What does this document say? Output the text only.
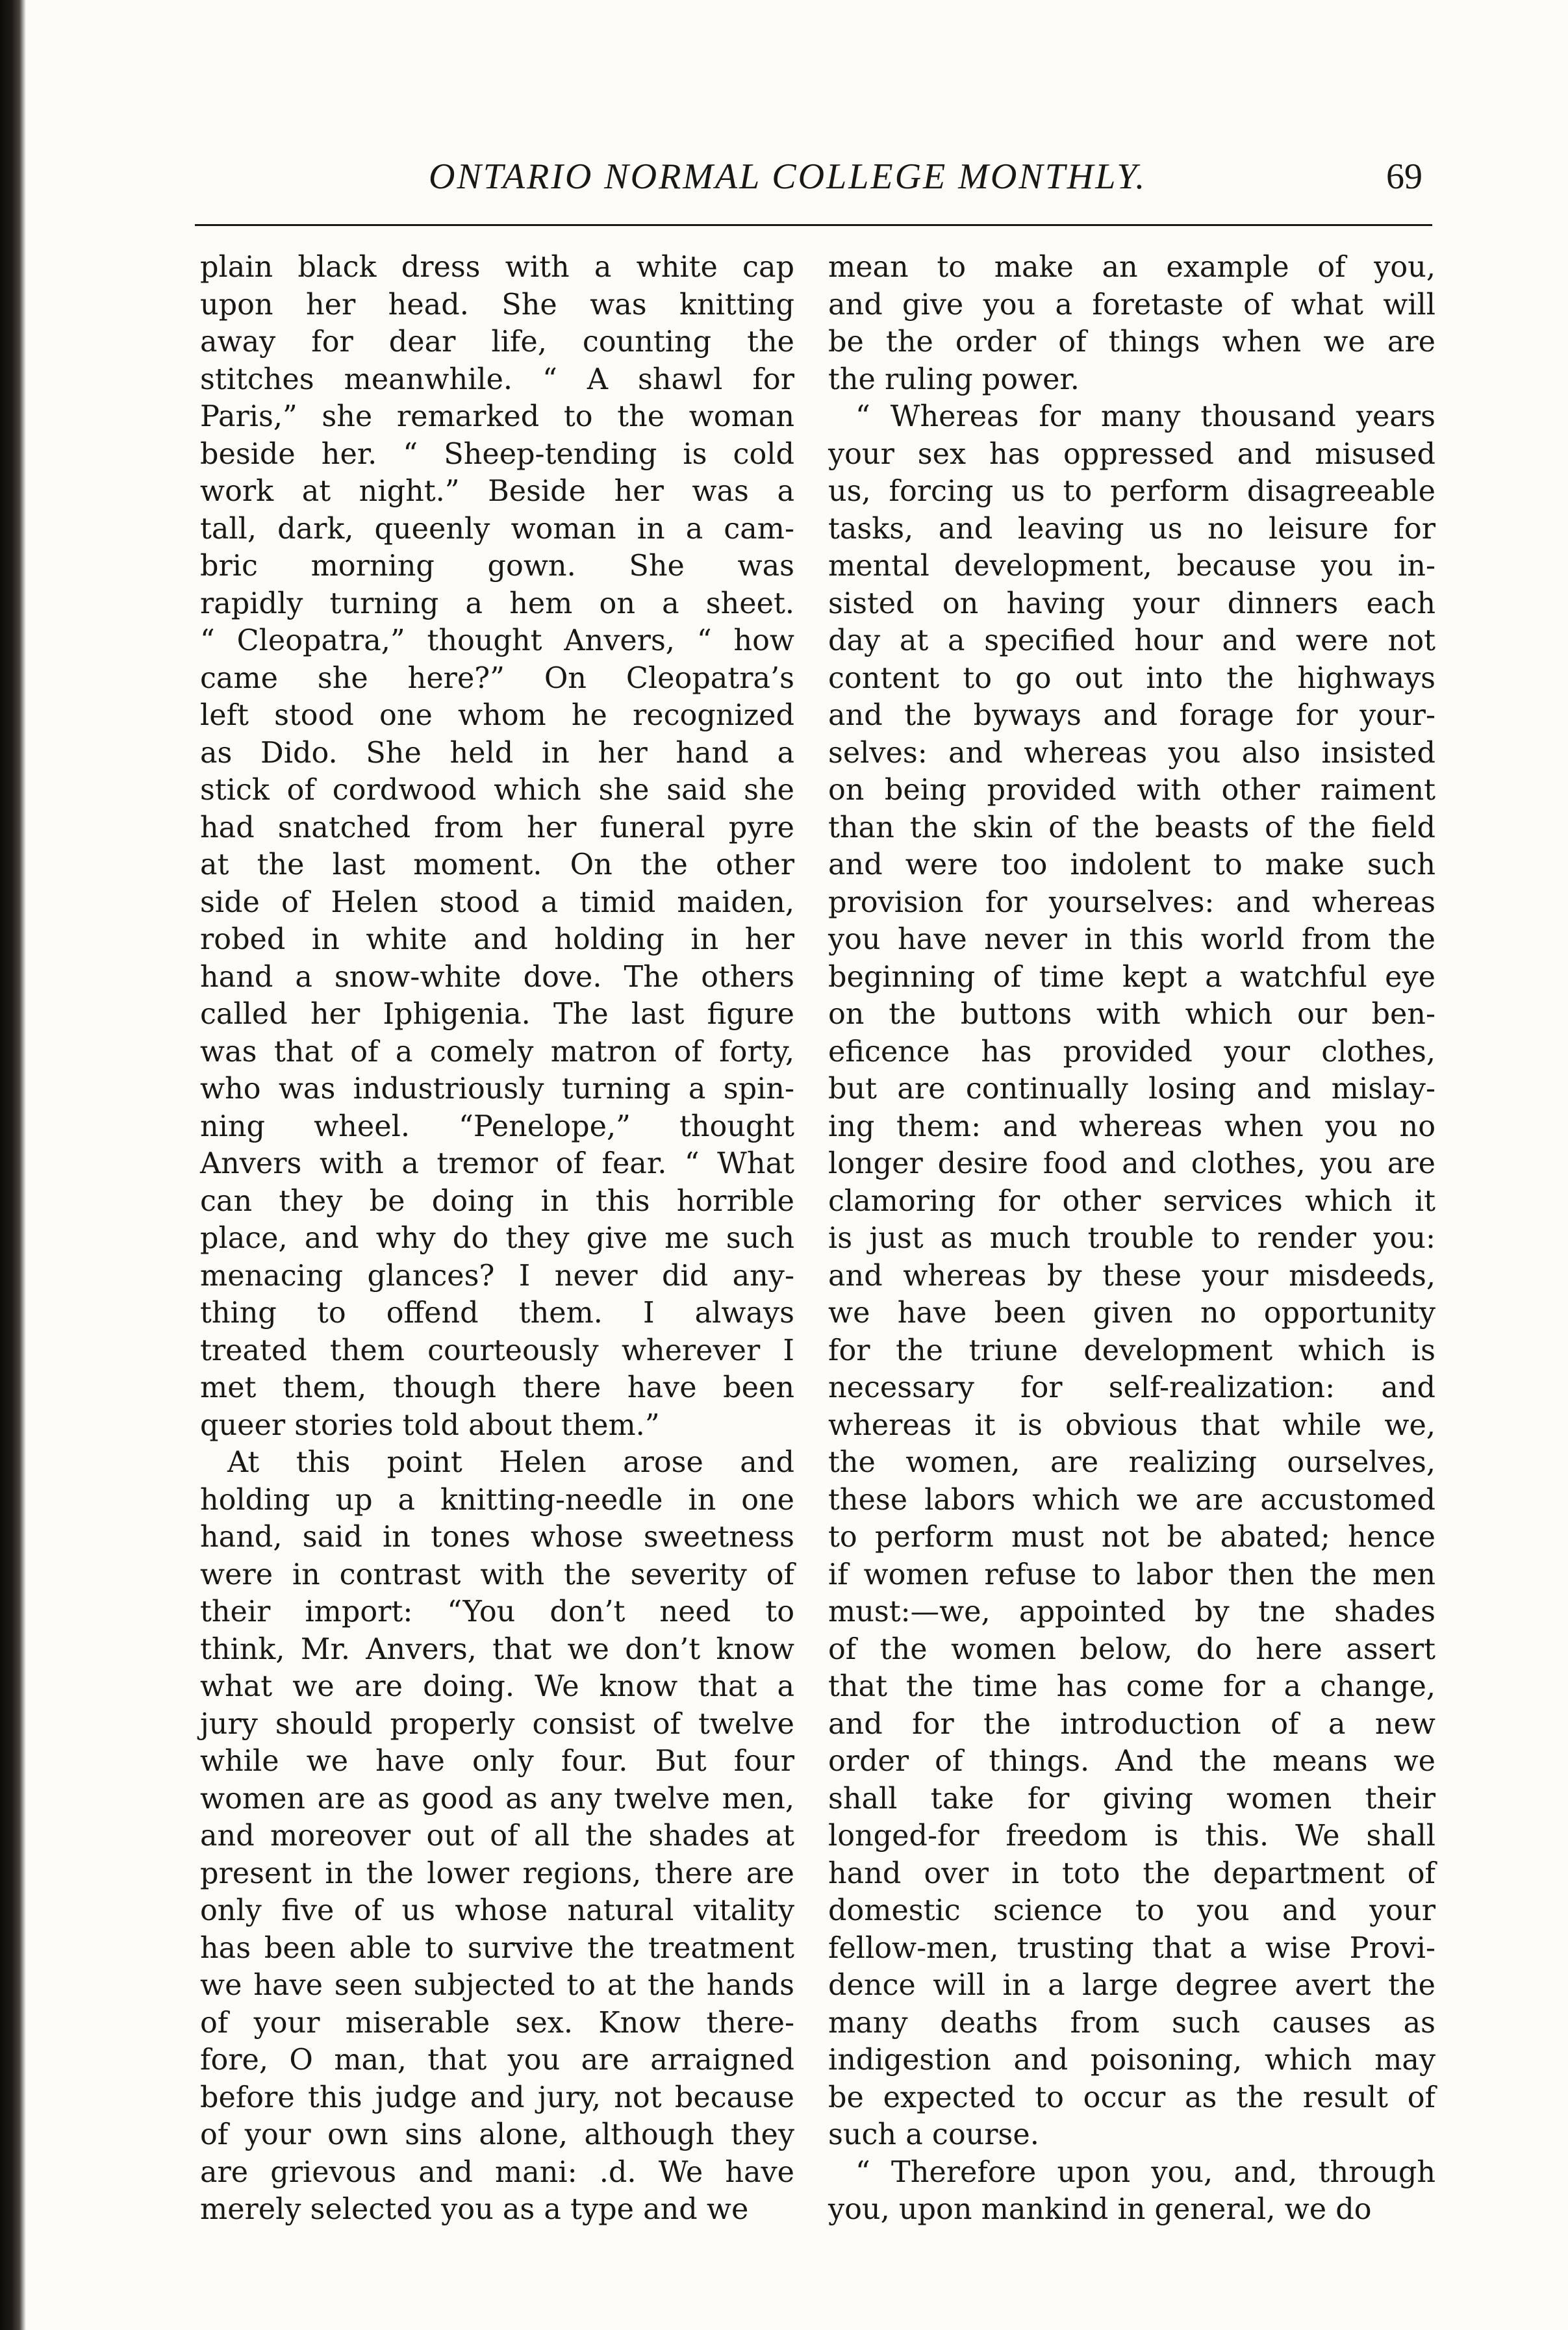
ONTARIO NORMAL COLLEGE MONTHLY.	69
plain black dress with a white cap
upon her head. She was knitting
away for dear life, counting the
stitches meanwhile. “ A shawl for
Paris,” she remarked to the woman
beside her. “ Sheep-tending is cold
work at night.” Beside her was a
tall, dark, queenly woman in a cam-
bric morning gown. She was
rapidly turning a hem on a sheet.
“ Cleopatra,” thought Anvers, “ how
came she here?” On Cleopatra’s
left stood one whom he recognized
as Dido. She held in her hand a
stick of cordwood which she said she
had snatched from her funeral pyre
at the last moment. On the other
side of Helen stood a timid maiden,
robed in white and holding in her
hand a snow-white dove. The others
called her Iphigenia. The last figure
was that of a comely matron of forty,
who was industriously turning a spin-
ning wheel. “Penelope,” thought
Anvers with a tremor of fear. “ What
can they be doing in this horrible
place, and why do they give me such
menacing glances? I never did any-
thing to offend them. I always
treated them courteously wherever I
met them, though there have been
queer stories told about them.”
At this point Helen arose and
holding up a knitting-needle in one
hand, said in tones whose sweetness
were in contrast with the severity of
their import: “You don’t need to
think, Mr. Anvers, that we don’t know
what we are doing. We know that a
jury should properly consist of twelve
while we have only four. But four
women are as good as any twelve men,
and moreover out of all the shades at
present in the lower regions, there are
only five of us whose natural vitality
has been able to survive the treatment
we have seen subjected to at the hands
of your miserable sex. Know there-
fore, O man, that you are arraigned
before this judge and jury, not because
of your own sins alone, although they
are grievous and mani: .d. We have
merely selected you as a type and we
mean to make an example of you,
and give you a foretaste of what will
be the order of things when we are
the ruling power.
“ Whereas for many thousand years
your sex has oppressed and misused
us, forcing us to perform disagreeable
tasks, and leaving us no leisure for
mental development, because you in-
sisted on having your dinners each
day at a specified hour and were not
content to go out into the highways
and the byways and forage for your-
selves: and whereas you also insisted
on being provided with other raiment
than the skin of the beasts of the field
and were too indolent to make such
provision for yourselves: and whereas
you have never in this world from the
beginning of time kept a watchful eye
on the buttons with which our ben-
eficence has provided your clothes,
but are continually losing and mislay-
ing them: and whereas when you no
longer desire food and clothes, you are
clamoring for other services which it
is just as much trouble to render you:
and whereas by these your misdeeds,
we have been given no opportunity
for the triune development which is
necessary for self-realization: and
whereas it is obvious that while we,
the women, are realizing ourselves,
these labors which we are accustomed
to perform must not be abated; hence
if women refuse to labor then the men
must:—we, appointed by tne shades
of the women below, do here assert
that the time has come for a change,
and for the introduction of a new
order of things. And the means we
shall take for giving women their
longed-for freedom is this. We shall
hand over in toto the department of
domestic science to you and your
fellow-men, trusting that a wise Provi-
dence will in a large degree avert the
many deaths from such causes as
indigestion and poisoning, which may
be expected to occur as the result of
such a course.
“ Therefore upon you, and, through
you, upon mankind in general, we do
